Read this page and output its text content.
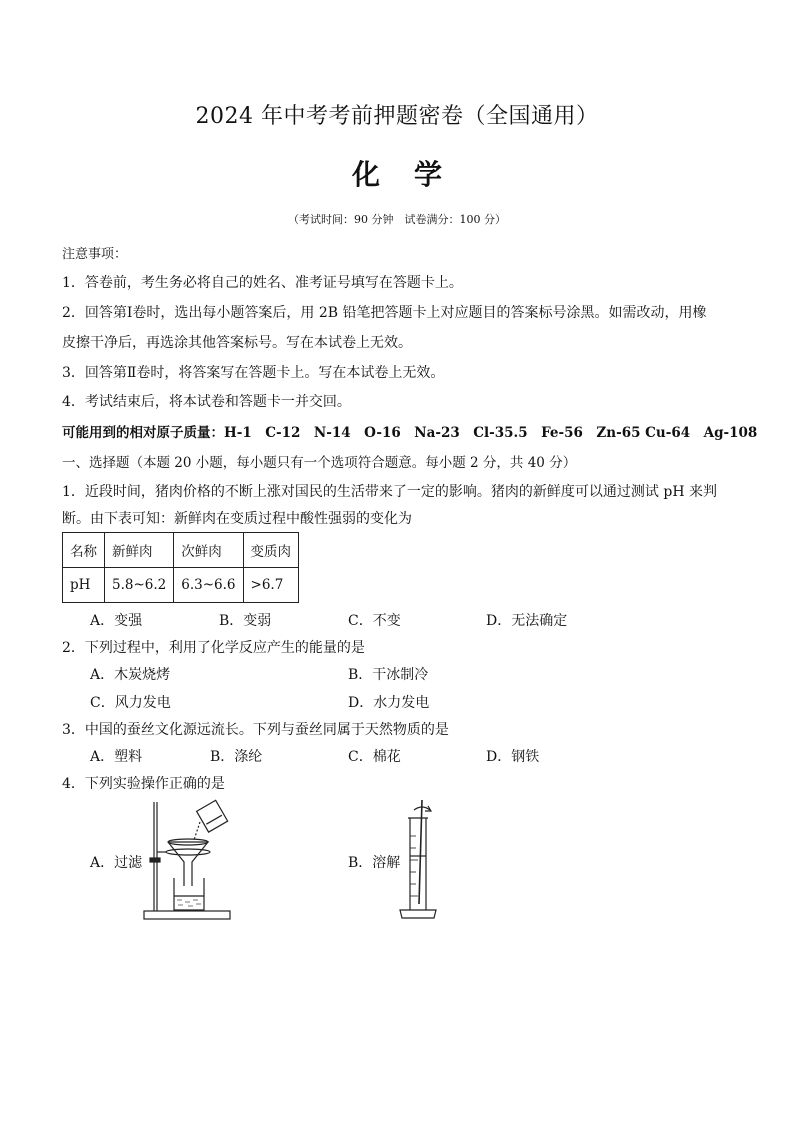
2024 年中考考前押题密卷（全国通用）
化学
（考试时间：90 分钟　试卷满分：100 分）
注意事项：
1．答卷前，考生务必将自己的姓名、准考证号填写在答题卡上。
2．回答第Ⅰ卷时，选出每小题答案后，用 2B 铅笔把答题卡上对应题目的答案标号涂黑。如需改动，用橡
皮擦干净后，再选涂其他答案标号。写在本试卷上无效。
3．回答第Ⅱ卷时，将答案写在答题卡上。写在本试卷上无效。
4．考试结束后，将本试卷和答题卡一并交回。
可能用到的相对原子质量：H-1　C-12　N-14　O-16　Na-23　Cl-35.5　Fe-56　Zn-65 Cu-64　Ag-108
一、选择题（本题 20 小题，每小题只有一个选项符合题意。每小题 2 分，共 40 分）
1．近段时间，猪肉价格的不断上涨对国民的生活带来了一定的影响。猪肉的新鲜度可以通过测试 pH 来判
断。由下表可知：新鲜肉在变质过程中酸性强弱的变化为
名称	新鲜肉	次鲜肉	变质肉
pH	5.8~6.2	6.3~6.6	>6.7
A．变强	B．变弱	C．不变	D．无法确定
2．下列过程中，利用了化学反应产生的能量的是
A．木炭烧烤	B．干冰制冷
C．风力发电	D．水力发电
3．中国的蚕丝文化源远流长。下列与蚕丝同属于天然物质的是
A．塑料	B．涤纶	C．棉花	D．钢铁
4．下列实验操作正确的是
A．过滤	B．溶解
